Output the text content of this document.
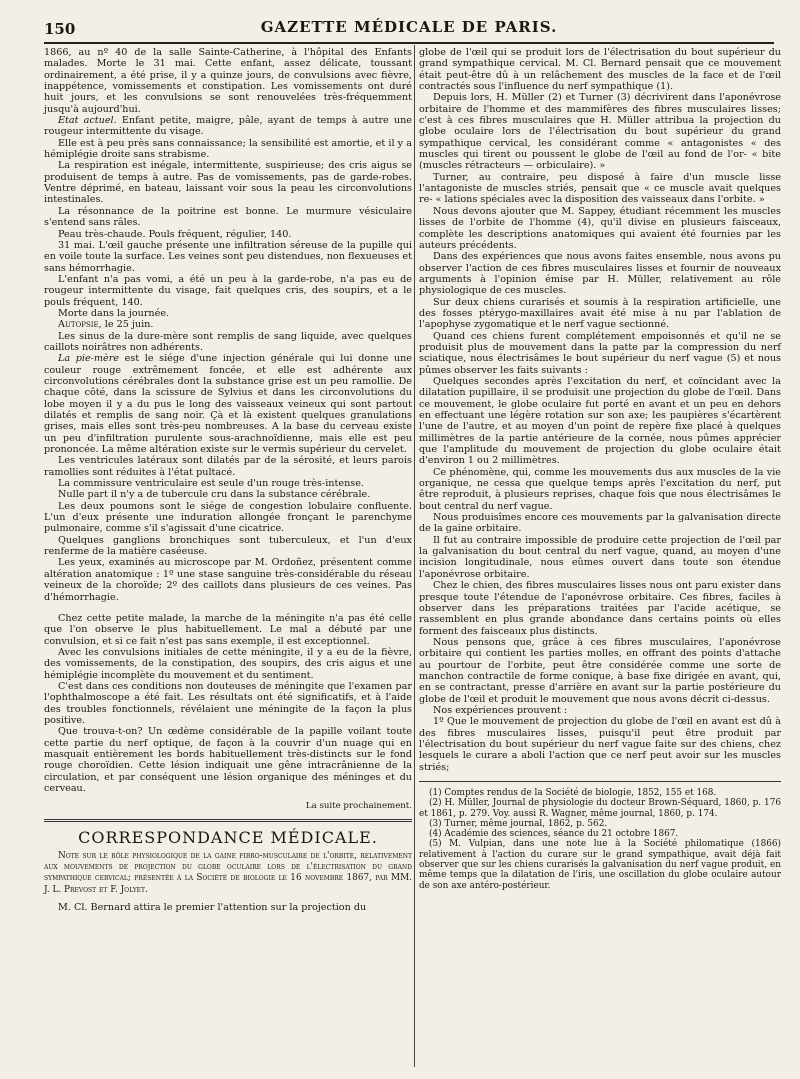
150	GAZETTE MÉDICALE DE PARIS.

1866, au nº 40 de la salle Sainte-Catherine, à l'hôpital des Enfants malades. Morte le 31 mai. Cette enfant, assez délicate, toussant ordinairement, a été prise, il y a quinze jours, de convulsions avec fièvre, inappétence, vomissements et constipation. Les vomissements ont duré huit jours, et les convulsions se sont renouvelées très-fréquemment jusqu'à aujourd'hui.

Etat actuel. Enfant petite, maigre, pâle, ayant de temps à autre une rougeur intermittente du visage.

Elle est à peu près sans connaissance; la sensibilité est amortie, et il y a hémiplégie droite sans strabisme.

La respiration est inégale, intermittente, suspirieuse; des cris aigus se produisent de temps à autre. Pas de vomissements, pas de garde-robes. Ventre déprimé, en bateau, laissant voir sous la peau les circonvolutions intestinales.

La résonnance de la poitrine est bonne. Le murmure vésiculaire s'entend sans râles.

Peau très-chaude. Pouls fréquent, régulier, 140.

31 mai. L'œil gauche présente une infiltration séreuse de la pupille qui en voile toute la surface. Les veines sont peu distendues, non flexueuses et sans hémorrhagie.

L'enfant n'a pas vomi, a été un peu à la garde-robe, n'a pas eu de rougeur intermittente du visage, fait quelques cris, des soupirs, et a le pouls fréquent, 140.

Morte dans la journée.

Autopsie, le 25 juin.

Les sinus de la dure-mère sont remplis de sang liquide, avec quelques caillots noirâtres non adhérents.

La pie-mère est le siége d'une injection générale qui lui donne une couleur rouge extrêmement foncée, et elle est adhérente aux circonvolutions cérébrales dont la substance grise est un peu ramollie. De chaque côté, dans la scissure de Sylvius et dans les circonvolutions du lobe moyen il y a du pus le long des vaisseaux veineux qui sont partout dilatés et remplis de sang noir. Çà et là existent quelques granulations grises, mais elles sont très-peu nombreuses. A la base du cerveau existe un peu d'infiltration purulente sous-arachnoïdienne, mais elle est peu prononcée. La même altération existe sur le vermis supérieur du cervelet.

Les ventricules latéraux sont dilatés par de la sérosité, et leurs parois ramollies sont réduites à l'état pultacé.

La commissure ventriculaire est seule d'un rouge très-intense.

Nulle part il n'y a de tubercule cru dans la substance cérébrale.

Les deux poumons sont le siége de congestion lobulaire confluente. L'un d'eux présente une induration allongée fronçant le parenchyme pulmonaire, comme s'il s'agissait d'une cicatrice.

Quelques ganglions bronchiques sont tuberculeux, et l'un d'eux renferme de la matière caséeuse.

Les yeux, examinés au microscope par M. Ordoñez, présentent comme altération anatomique : 1º une stase sanguine très-considérable du réseau veineux de la choroïde; 2º des caillots dans plusieurs de ces veines. Pas d'hémorrhagie.

Chez cette petite malade, la marche de la méningite n'a pas été celle que l'on observe le plus habituellement. Le mal a débuté par une convulsion, et si ce fait n'est pas sans exemple, il est exceptionnel.

Avec les convulsions initiales de cette méningite, il y a eu de la fièvre, des vomissements, de la constipation, des soupirs, des cris aigus et une hémiplégie incomplète du mouvement et du sentiment.

C'est dans ces conditions non douteuses de méningite que l'examen par l'ophthalmoscope a été fait. Les résultats ont été significatifs, et à l'aide des troubles fonctionnels, révélaient une méningite de la façon la plus positive.

Que trouva-t-on? Un œdème considérable de la papille voilant toute cette partie du nerf optique, de façon à la couvrir d'un nuage qui en masquait entièrement les bords habituellement très-distincts sur le fond rouge choroïdien. Cette lésion indiquait une gêne intracrânienne de la circulation, et par conséquent une lésion organique des méninges et du cerveau.

La suite prochainement.
CORRESPONDANCE MÉDICALE.

Note sur le rôle physiologique de la gaine fibro-musculaire de l'orbite, relativement aux mouvements de projection du globe oculaire lors de l'électrisation du grand sympathique cervical; présentée à la Société de biologie le 16 novembre 1867, par MM. J. L. Prevost et F. Jolyet.

M. Cl. Bernard attira le premier l'attention sur la projection du

globe de l'œil qui se produit lors de l'électrisation du bout supérieur du grand sympathique cervical. M. Cl. Bernard pensait que ce mouvement était peut-être dû à un relâchement des muscles de la face et de l'œil contractés sous l'influence du nerf sympathique (1).

Depuis lors, H. Müller (2) et Turner (3) décrivirent dans l'aponévrose orbitaire de l'homme et des mammifères des fibres musculaires lisses; c'est à ces fibres musculaires que H. Müller attribua la projection du globe oculaire lors de l'électrisation du bout supérieur du grand sympathique cervical, les considérant comme « antagonistes « des muscles qui tirent ou poussent le globe de l'œil au fond de l'or- « bite (muscles rétracteurs — orbiculaire). »

Turner, au contraire, peu disposé à faire d'un muscle lisse l'antagoniste de muscles striés, pensait que « ce muscle avait quelques re- « lations spéciales avec la disposition des vaisseaux dans l'orbite. »

Nous devons ajouter que M. Sappey, étudiant récemment les muscles lisses de l'orbite de l'homme (4), qu'il divise en plusieurs faisceaux, complète les descriptions anatomiques qui avaient été fournies par les auteurs précédents.

Dans des expériences que nous avons faites ensemble, nous avons pu observer l'action de ces fibres musculaires lisses et fournir de nouveaux arguments à l'opinion émise par H. Müller, relativement au rôle physiologique de ces muscles.

Sur deux chiens curarisés et soumis à la respiration artificielle, une des fosses ptérygo-maxillaires avait été mise à nu par l'ablation de l'apophyse zygomatique et le nerf vague sectionné.

Quand ces chiens furent complétement empoisonnés et qu'il ne se produisit plus de mouvement dans la patte par la compression du nerf sciatique, nous électrisâmes le bout supérieur du nerf vague (5) et nous pûmes observer les faits suivants :

Quelques secondes après l'excitation du nerf, et coïncidant avec la dilatation pupillaire, il se produisit une projection du globe de l'œil. Dans ce mouvement, le globe oculaire fut porté en avant et un peu en dehors en effectuant une légère rotation sur son axe; les paupières s'écartèrent l'une de l'autre, et au moyen d'un point de repère fixe placé à quelques millimètres de la partie antérieure de la cornée, nous pûmes apprécier que l'amplitude du mouvement de projection du globe oculaire était d'environ 1 ou 2 millimètres.

Ce phénomène, qui, comme les mouvements dus aux muscles de la vie organique, ne cessa que quelque temps après l'excitation du nerf, put être reproduit, à plusieurs reprises, chaque fois que nous électrisâmes le bout central du nerf vague.

Nous produisîmes encore ces mouvements par la galvanisation directe de la gaine orbitaire.

Il fut au contraire impossible de produire cette projection de l'œil par la galvanisation du bout central du nerf vague, quand, au moyen d'une incision longitudinale, nous eûmes ouvert dans toute son étendue l'aponévrose orbitaire.

Chez le chien, des fibres musculaires lisses nous ont paru exister dans presque toute l'étendue de l'aponévrose orbitaire. Ces fibres, faciles à observer dans les préparations traitées par l'acide acétique, se rassemblent en plus grande abondance dans certains points où elles forment des faisceaux plus distincts.

Nous pensons que, grâce à ces fibres musculaires, l'aponévrose orbitaire qui contient les parties molles, en offrant des points d'attache au pourtour de l'orbite, peut être considérée comme une sorte de manchon contractile de forme conique, à base fixe dirigée en avant, qui, en se contractant, presse d'arrière en avant sur la partie postérieure du globe de l'œil et produit le mouvement que nous avons décrit ci-dessus.

Nos expériences prouvent :

1º Que le mouvement de projection du globe de l'œil en avant est dû à des fibres musculaires lisses, puisqu'il peut être produit par l'électrisation du bout supérieur du nerf vague faite sur des chiens, chez lesquels le curare a aboli l'action que ce nerf peut avoir sur les muscles striés;

(1) Comptes rendus de la Société de biologie, 1852, 155 et 168.

(2) H. Müller, Journal de physiologie du docteur Brown-Séquard, 1860, p. 176 et 1861, p. 279. Voy. aussi R. Wagner, même journal, 1860, p. 174.

(3) Turner, même journal, 1862, p. 562.

(4) Académie des sciences, séance du 21 octobre 1867.

(5) M. Vulpian, dans une note lue à la Société philomatique (1866) relativement à l'action du curare sur le grand sympathique, avait déjà fait observer que sur les chiens curarisés la galvanisation du nerf vague produit, en même temps que la dilatation de l'iris, une oscillation du globe oculaire autour de son axe antéro-postérieur.
